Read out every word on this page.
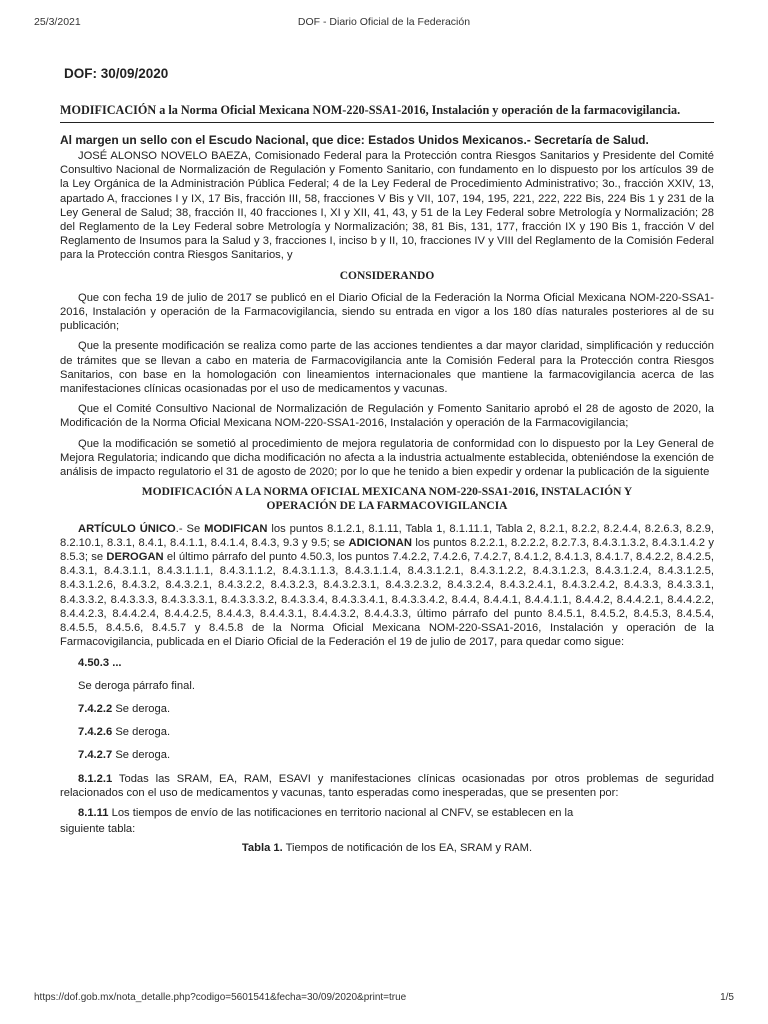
25/3/2021	DOF - Diario Oficial de la Federación
DOF: 30/09/2020
MODIFICACIÓN a la Norma Oficial Mexicana NOM-220-SSA1-2016, Instalación y operación de la farmacovigilancia.
Al margen un sello con el Escudo Nacional, que dice: Estados Unidos Mexicanos.- Secretaría de Salud.

JOSÉ ALONSO NOVELO BAEZA, Comisionado Federal para la Protección contra Riesgos Sanitarios y Presidente del Comité Consultivo Nacional de Normalización de Regulación y Fomento Sanitario, con fundamento en lo dispuesto por los artículos 39 de la Ley Orgánica de la Administración Pública Federal; 4 de la Ley Federal de Procedimiento Administrativo; 3o., fracción XXIV, 13, apartado A, fracciones I y IX, 17 Bis, fracción III, 58, fracciones V Bis y VII, 107, 194, 195, 221, 222, 222 Bis, 224 Bis 1 y 231 de la Ley General de Salud; 38, fracción II, 40 fracciones I, XI y XII, 41, 43, y 51 de la Ley Federal sobre Metrología y Normalización; 28 del Reglamento de la Ley Federal sobre Metrología y Normalización; 38, 81 Bis, 131, 177, fracción IX y 190 Bis 1, fracción V del Reglamento de Insumos para la Salud y 3, fracciones I, inciso b y II, 10, fracciones IV y VIII del Reglamento de la Comisión Federal para la Protección contra Riesgos Sanitarios, y

CONSIDERANDO

Que con fecha 19 de julio de 2017 se publicó en el Diario Oficial de la Federación la Norma Oficial Mexicana NOM-220-SSA1-2016, Instalación y operación de la Farmacovigilancia, siendo su entrada en vigor a los 180 días naturales posteriores al de su publicación;

Que la presente modificación se realiza como parte de las acciones tendientes a dar mayor claridad, simplificación y reducción de trámites que se llevan a cabo en materia de Farmacovigilancia ante la Comisión Federal para la Protección contra Riesgos Sanitarios, con base en la homologación con lineamientos internacionales que mantiene la farmacovigilancia acerca de las manifestaciones clínicas ocasionadas por el uso de medicamentos y vacunas.

Que el Comité Consultivo Nacional de Normalización de Regulación y Fomento Sanitario aprobó el 28 de agosto de 2020, la Modificación de la Norma Oficial Mexicana NOM-220-SSA1-2016, Instalación y operación de la Farmacovigilancia;

Que la modificación se sometió al procedimiento de mejora regulatoria de conformidad con lo dispuesto por la Ley General de Mejora Regulatoria; indicando que dicha modificación no afecta a la industria actualmente establecida, obteniéndose la exención de análisis de impacto regulatorio el 31 de agosto de 2020; por lo que he tenido a bien expedir y ordenar la publicación de la siguiente

MODIFICACIÓN A LA NORMA OFICIAL MEXICANA NOM-220-SSA1-2016, INSTALACIÓN Y
OPERACIÓN DE LA FARMACOVIGILANCIA

ARTÍCULO ÚNICO.- Se MODIFICAN los puntos 8.1.2.1, 8.1.11, Tabla 1, 8.1.11.1, Tabla 2, 8.2.1, 8.2.2, 8.2.4.4, 8.2.6.3, 8.2.9, 8.2.10.1, 8.3.1, 8.4.1, 8.4.1.1, 8.4.1.4, 8.4.3, 9.3 y 9.5; se ADICIONAN los puntos 8.2.2.1, 8.2.2.2, 8.2.7.3, 8.4.3.1.3.2, 8.4.3.1.4.2 y 8.5.3; se DEROGAN el último párrafo del punto 4.50.3, los puntos 7.4.2.2, 7.4.2.6, 7.4.2.7, 8.4.1.2, 8.4.1.3, 8.4.1.7, 8.4.2.2, 8.4.2.5, 8.4.3.1, 8.4.3.1.1, 8.4.3.1.1.1, 8.4.3.1.1.2, 8.4.3.1.1.3, 8.4.3.1.1.4, 8.4.3.1.2.1, 8.4.3.1.2.2, 8.4.3.1.2.3, 8.4.3.1.2.4, 8.4.3.1.2.5, 8.4.3.1.2.6, 8.4.3.2, 8.4.3.2.1, 8.4.3.2.2, 8.4.3.2.3, 8.4.3.2.3.1, 8.4.3.2.3.2, 8.4.3.2.4, 8.4.3.2.4.1, 8.4.3.2.4.2, 8.4.3.3, 8.4.3.3.1, 8.4.3.3.2, 8.4.3.3.3, 8.4.3.3.3.1, 8.4.3.3.3.2, 8.4.3.3.4, 8.4.3.3.4.1, 8.4.3.3.4.2, 8.4.4, 8.4.4.1, 8.4.4.1.1, 8.4.4.2, 8.4.4.2.1, 8.4.4.2.2, 8.4.4.2.3, 8.4.4.2.4, 8.4.4.2.5, 8.4.4.3, 8.4.4.3.1, 8.4.4.3.2, 8.4.4.3.3, último párrafo del punto 8.4.5.1, 8.4.5.2, 8.4.5.3, 8.4.5.4, 8.4.5.5, 8.4.5.6, 8.4.5.7 y 8.4.5.8 de la Norma Oficial Mexicana NOM-220-SSA1-2016, Instalación y operación de la Farmacovigilancia, publicada en el Diario Oficial de la Federación el 19 de julio de 2017, para quedar como sigue:

4.50.3 ...

Se deroga párrafo final.

7.4.2.2 Se deroga.

7.4.2.6 Se deroga.

7.4.2.7 Se deroga.

8.1.2.1 Todas las SRAM, EA, RAM, ESAVI y manifestaciones clínicas ocasionadas por otros problemas de seguridad relacionados con el uso de medicamentos y vacunas, tanto esperadas como inesperadas, que se presenten por:

8.1.11 Los tiempos de envío de las notificaciones en territorio nacional al CNFV, se establecen en la

siguiente tabla:

Tabla 1. Tiempos de notificación de los EA, SRAM y RAM.
https://dof.gob.mx/nota_detalle.php?codigo=5601541&fecha=30/09/2020&print=true	1/5
